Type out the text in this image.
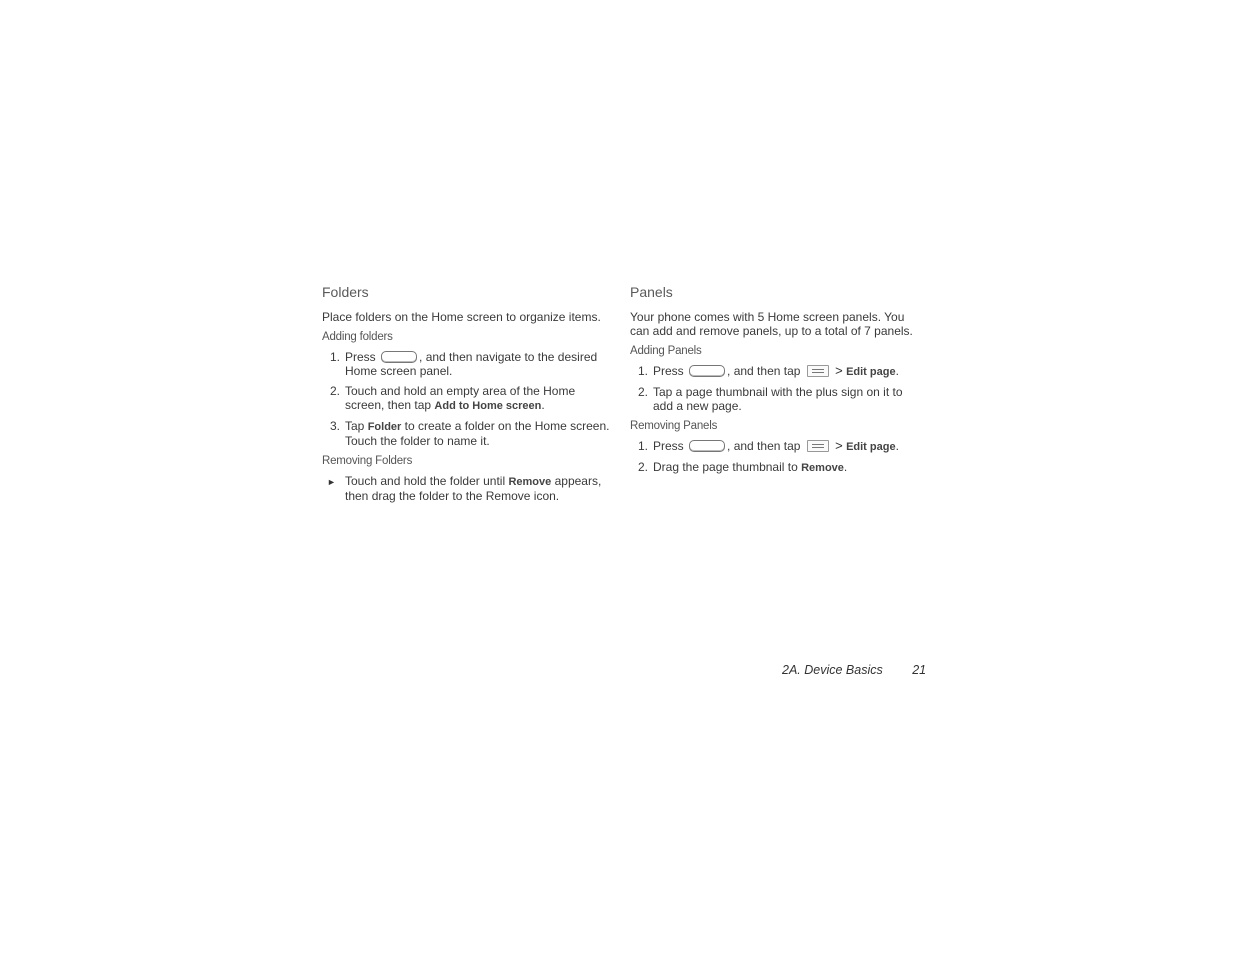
Folders

Place folders on the Home screen to organize items.

Adding folders

1. Press	, and then navigate to the desired Home screen panel.
2. Touch and hold an empty area of the Home screen, then tap Add to Home screen.
3. Tap Folder to create a folder on the Home screen. Touch the folder to name it.

Removing Folders

► Touch and hold the folder until Remove appears, then drag the folder to the Remove icon.
Panels

Your phone comes with 5 Home screen panels. You can add and remove panels, up to a total of 7 panels.

Adding Panels

1. Press	, and then tap	> Edit page.
2. Tap a page thumbnail with the plus sign on it to add a new page.

Removing Panels

1. Press	, and then tap	> Edit page.
2. Drag the page thumbnail to Remove.
2A. Device Basics 21
